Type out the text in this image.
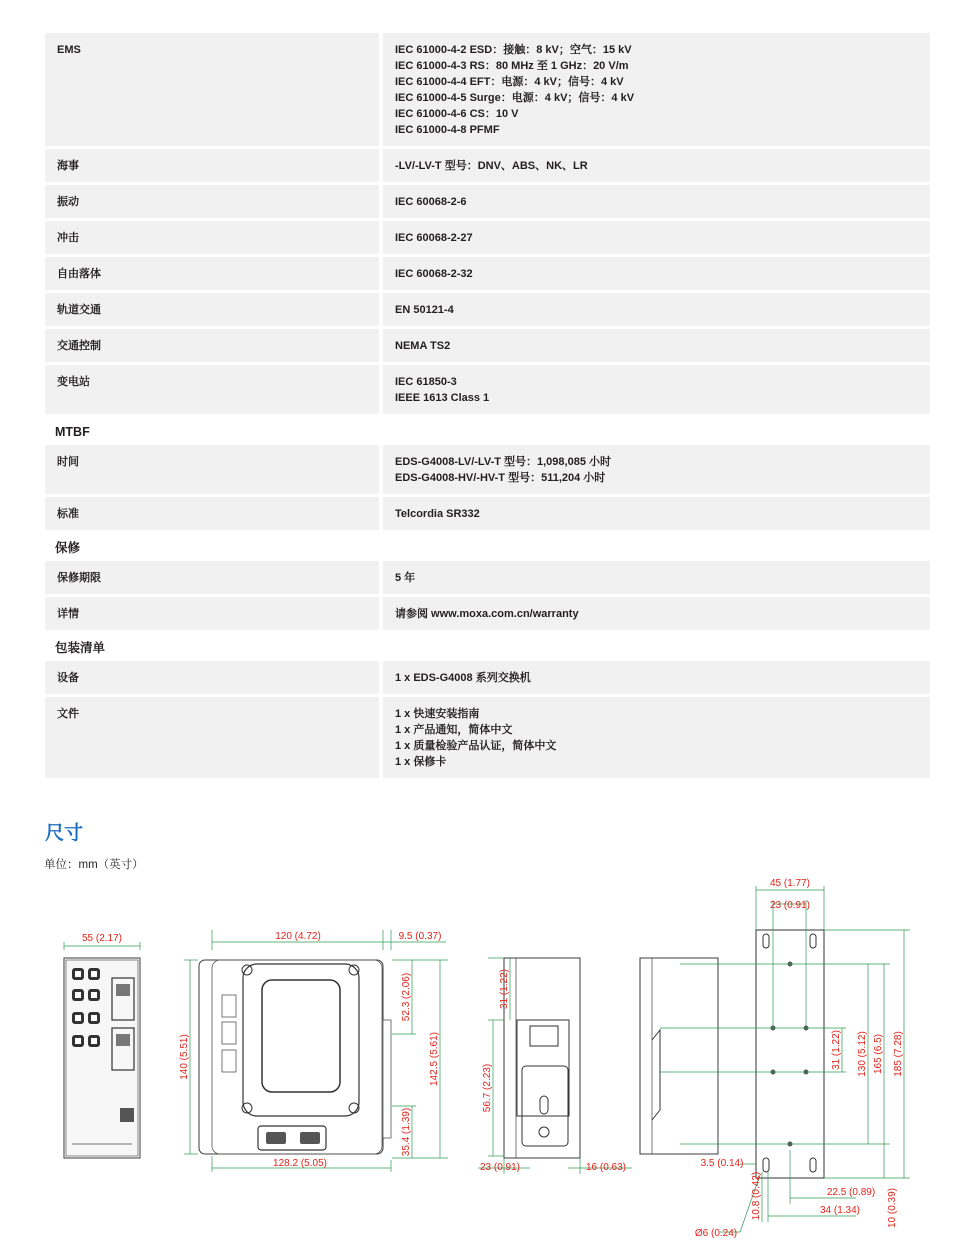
EMS	IEC 61000-4-2 ESD：接触：8 kV；空气：15 kV
IEC 61000-4-3 RS：80 MHz 至 1 GHz：20 V/m
IEC 61000-4-4 EFT：电源：4 kV；信号：4 kV
IEC 61000-4-5 Surge：电源：4 kV；信号：4 kV
IEC 61000-4-6 CS：10 V
IEC 61000-4-8 PFMF
海事	-LV/-LV-T 型号：DNV、ABS、NK、LR
振动	IEC 60068-2-6
冲击	IEC 60068-2-27
自由落体	IEC 60068-2-32
轨道交通	EN 50121-4
交通控制	NEMA TS2
变电站	IEC 61850-3
IEEE 1613 Class 1
MTBF
时间	EDS-G4008-LV/-LV-T 型号：1,098,085 小时
EDS-G4008-HV/-HV-T 型号：511,204 小时
标准	Telcordia SR332
保修
保修期限	5 年
详情	请参阅 www.moxa.com.cn/warranty
包装清单
设备	1 x EDS-G4008 系列交换机
文件	1 x 快速安装指南
1 x 产品通知，简体中文
1 x 质量检验产品认证，简体中文
1 x 保修卡
尺寸
单位：mm（英寸）
55 (2.17)	120 (4.72)	9.5 (0.37)
140 (5.51)
52.3 (2.06)
35.4 (1.39)
142.5 (5.61)
128.2 (5.05)
56.7 (2.23)
31 (1.22)
23 (0.91)	16 (0.63)
45 (1.77)
23 (0.91)
31 (1.22) 130 (5.12) 165 (6.5) 185 (7.28)
3.5 (0.14)
22.5 (0.89)
34 (1.34)
10.8 (0.42)	10 (0.39)
Ø6 (0.24)
